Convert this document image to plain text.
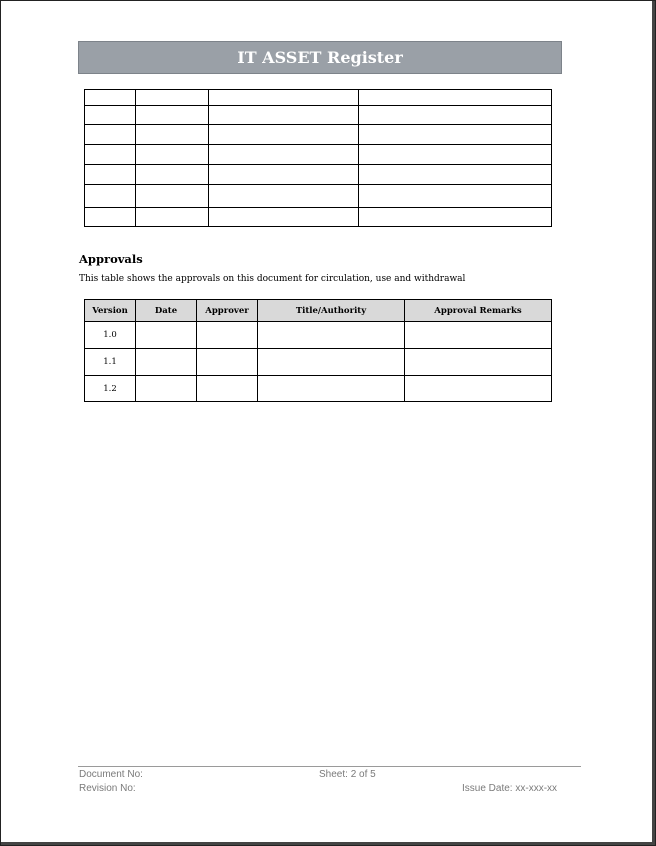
IT ASSET Register

Approvals
This table shows the approvals on this document for circulation, use and withdrawal
Version	Date	Approver	Title/Authority	Approval Remarks
1.0				
1.1				
1.2				
Document No:	Sheet: 2 of 5
Revision No:	Issue Date: xx-xxx-xx
